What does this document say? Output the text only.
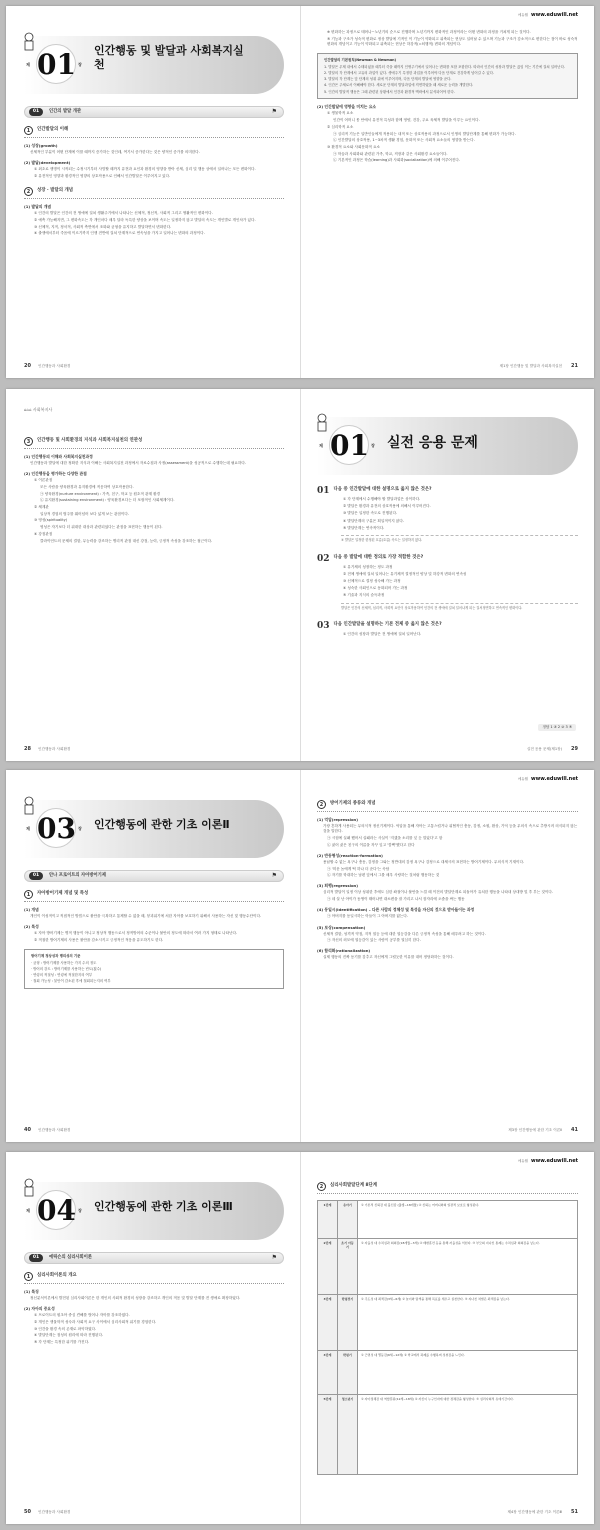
제 01 장
인간행동 및 발달과 사회복지실천
01	인간의 발달 개관	⚑
1	인간발달의 이해
(1) 성장(growth)
신체적인 부분이 어떤 단계에 이를 때까지 증가하는 것인데, 여기서 증가한다는 것은 양적인 증가를 의미한다.
(2) 발달(development)
① 최초로 생명이 시작되는 수정시기부터 사망할 때까지 유전과 요인과 환경의 영향을 받아 신체, 심리 및 행동 상에서 일어나는 모든 변화이다.
② 유전적인 영향과 환경적인 영향의 상호작용으로 인해서 인간발달은 이루어지고 있다.
2	성장 · 발달의 개념
(1) 발달의 개념
① 인간의 발달은 인간의 전 생애에 걸쳐 생활주기에서 나타나는 신체적, 정신적, 사회적 그리고 생활적인 변화이다.
② 예측 가능해지면, 그 변화속도는 각 개인마다 매우 달라 독특한 양상을 보이며 속도는 일정하지 않고 발달의 속도는 개인별로 개인차가 있다.
③ 신체적, 지적, 정서적, 사회적 측면에서 조화와 균형을 유지하고 발달하면서 변화한다.
④ 출생에서부터 죽음에 이르기까지 인생 전반에 걸쳐 단계적으로 연속성을 가지고 일어나는 변화의 과정이다.
20 인간행동과 사회환경
에듀윌 www.eduwill.net
※ 변화하는 과정으로 태어나~노년기의 순으로 진행하며 노년기까지 변화적인 과정이라는 어떤 변화의 과정을 거쳐게 되는 것이다.
⑤ 기능과 구조가 성숙적 변화로 정상 발달에 기적인 이 기능이 약화되고 위축되는 현상도 일어날 수 있으며 기능과 구조가 감소적으로 변한다는 점이 바로 성숙적 변화의 개념이고 기능이 약화되고 위축되는 현상은 하강적(=퇴행적) 변화의 개념이다.
인간발달의 기본원칙(Newman & Newman)
1. 발달은 무제 내에서 수태되었을 때부터 죽을 때까지 인생주기에서 일어나는 변화를 포함 포함한다. 따라서 인간의 성장과 발달은 끊임 이는 기간에 걸쳐 일어난다.
2. 발달의 각 단계에서 고유의 과업이 있다. 생애주기 특정한 과업을 이루어야 다음 단계로 건강하게 넘어갈 수 있다.
3. 발달의 각 단계는 앞 단계의 성취 위에 이루어지며, 다음 단계의 발달에 영향을 준다.
4. 인간은 주체로서 이해해야 한다. 새로운 단계의 발달과업에 직면하였을 때 새로운 능력을 개발한다.
5. 인간의 발달적 행동은 그때 관련된 상황에서 인간과 환경적 맥락에서 분석되어야 한다.
(2) 인간발달에 영향을 미치는 요소
① 생물학적 요소
인간이 어머니 몸 안에서 유전적 특성과 함께 영양, 건강, 주요 육체적 발달을 이루는 요인이다.
② 심리학적 요소
㉠ 심리적 기능은 일반인들에게 적용되는 내적 또는 상호작용의 과정으로서 인생의 발달단계를 통해 변화가 가능하다.
㉡ 인간발달의 상호작용, 1~3차적 생활 경험, 문화적 또는 사회적 요소들의 영향을 받는다.
③ 환경적 요소와 사회문화적 요소
㉠ 학습과 사회화와 관련된 가족, 학교, 직장과 같은 사회환경 요소들이다.
㉡ 기본적인 과정은 학습(learning)과 사회화(socialization)에 의해 이루어진다.
제1장 인간행동 및 발달과 사회복지실천 21
⌂⌂⌂ 사회복지사
3	인간행동 및 사회환경의 지식과 사회복지실천의 연관성
(1) 인간행동의 이해와 사회복지실천과정
인간행동과 발달에 대한 정확한 지식과 이해는 사회복지실천 과정에서 자료수집과 사정(assessment)을 성공적으로 수행하는데 필요하다.
(2) 인간행동을 평가하는 다양한 관점
① 이론관점
모든 사람을 양육환경과 유지환경에 적응하여 상호작용한다.
㉠ 양육환경(nurture environment) : 가족, 친구, 학교 등 원초적 관계 환경
㉡ 유지환경(sustaining environment) : 양육환경보다는 더 포괄적인 사회체계이다.
② 체계관
일상적 경험의 범주를 뛰어넘어 보다 넓게 보는 관점이다.
③ 영성(spirituality)
영성은 자기보다 더 위대한 대상과 관련되었다는 관점을 표현하는 행동이 된다.
④ 강점관점
클라이언트의 문제의 결함, 무능력을 강조하는 병리적 관점 대신 강점, 능력, 긍정적 속성을 강조하는 접근이다.
28 인간행동과 사회환경
제 01 장 실전 응용 문제
01 다음 중 인간발달에 대한 설명으로 옳지 않은 것은?
① 각 단계에서 수행해야 할 발달과업은 상이하다.
② 발달은 환경과 유전의 상호작용에 의해서 이루어진다.
③ 발달은 일정한 속도로 진행된다.
④ 발달단계의 구분은 획일적이지 않다.
⑤ 발달단계는 연속적이다.
③ 발달은 일정한 한정된 흐름(흐름) 속도는 일정하지 않다.
02 다음 중 발달에 대한 정의로 가장 적합한 것은?
① 유기체의 성장하는 정도 과정
② 전체 생애에 걸쳐 일어나는 유기체적 결정적인 양상 및 하강적 변화의 연속성
③ 신체적으로 결정 성숙해 가는 과정
④ 성숙한 사회인으로 동화되어 가는 과정
⑤ 기술과 지식의 습득과정
발달은 인간의 신체적, 심리적, 사회적 요인이 상호작용하여 인간의 전 생애에 걸쳐 일어나게 되는 질서정연하고 연속적인 변화이다.
03 다음 인간발달을 설명하는 기본 전제 중 옳지 않은 것은?
① 인간의 성장과 발달은 전 생애에 걸쳐 일어난다.
정답 1 ③ 2 ② 3 ⑤
실전 응용 문제(제1장) 29
제 03 장 인간행동에 관한 기초 이론Ⅱ
01	안나 프로이트의 자아방어기제	⚑
1	자아방어기제 개념 및 특성
(1) 개념
개인이 이성적이고 직접적인 방법으로 불안을 극복하고 통제할 수 없을 때, 붕괴위기에 처한 자아를 보호하기 위해서 사용하는 자신 및 행동수단이다.
(2) 특성
① 자아 방어기제는 병적 행동이 아니고 정상적 행동으로서 정적방어의 수준이나 불안의 정도에 따라서 여러 가지 형태로 나타난다.
② 적절한 방어기제의 사용은 불안을 감소시키고 긍정적인 적응을 유도하기도 한다.
방어기제 정상성과 병리성의 기준
· 균형 : 방어기제를 사용하는 가지 수의 정도
· 방어의 강도 : 방어기제를 사용하는 빈도(횟수)
· 연령의 적절성 : 연령에 적절한지의 여부
· 철회 가능성 : 불안이 감소된 후에 철회되는지의 여부
40 인간행동과 사회환경
에듀윌 www.eduwill.net
2	방어기제의 종류와 개념
(1) 억압(repression)
가장 흔하게 사용되는 무의식적 정신기제이다. 억압을 통해 자아는 고통스럽거나 위협적인 충동, 감정, 소원, 환상, 기억 등을 무의식 속으로 추방시켜 의식되지 않는 것을 말한다.
㉠ 시험에 실패 했어서 실패라는 사실이 '지겠을 소리를 잊 듯 말았다'고 함
㉡ 싫어 싫은 친구의 이름을 자꾸 잊고 '깜빡'했다고 한다
(2) 반동형성(reaction-formation)
용납할 수 없는 욕구나 충동, 감정을 그와는 정반대의 감정 욕구나 감정으로 대체시켜 표현하는 방어기제이다. 무의식적 기재이다.
㉠ '미운 놈에게 떡 하나 더 준다'는 속담
㉡ 자기를 학대하는 남편 앞에서 그를 매우 사랑하는 것처럼 행동하는 것
(3) 퇴행(regression)
심리적 발달이 일정 이상 성취한 후에도 심한 좌절이나 불안을 느낄 때 이전의 발달단계로 되돌아가 유치한 행동을 나타내 상대방 및 후 부는 것이다.
㉠ 네 살 난 아이가 동생이 태어나면 대소변을 잘 가리고 나서 잠자리에 오줌을 싸는 행동
(4) 동일시(identification) – 다른 사람의 정체성 및 특성을 자신의 것으로 받아들이는 과정
㉠ 아버지를 동일시하는 아들이 그 아버지를 닮는다.
(5) 보상(compensation)
신체적 결함, 성격적 약점, 지적 열등 등에 대한 열등감을 다른 긍정적 속성을 통해 메우려고 하는 것이다.
㉠ 자신의 외모에 열등감이 있는 사람이 공부를 열심히 한다.
(6) 합리화(rationalization)
실제 행동의 진짜 동기를 감추고 자신에게 그럴듯한 이유를 대어 정당화하는 것이다.
제3장 인간행동에 관한 기초 이론Ⅱ 41
제 04 장 인간행동에 관한 기초 이론Ⅲ
01	에릭슨의 심리사회이론	⚑
1	심리사회이론의 개요
(1) 특징
정신분석이론에서 발전된 심리사회이론은 한 개인의 사회적 환경의 성장을 강조하고 개인의 적응 및 발달 단계를 전 생애로 확장하였다.
(2) 자아의 중요성
① 프로이트의 원초아 중심 견해를 벗어나 자아를 강조하였다.
② 개인은 생물학적 성숙과 사회적 요구 사이에서 심리사회적 위기를 경험한다.
③ 인간을 환경 속의 존재로 파악하였다.
④ 발달단계는 점성의 원리에 따라 진행된다.
⑤ 각 단계는 특정한 위기를 가진다.
50 인간행동과 사회환경
에듀윌 www.eduwill.net
2	심리사회발달단계 8단계
1단계	유아기	① 기본적 신뢰감 대 불신감 (출생~18개월) ② 신뢰는 어머니와의 일관적 보호로 형성된다.
2단계	초기 아동기	① 자율성 대 수치심과 회의감(18개월~3세) ② 배변훈련 등을 통해 자율성을 익힌다. ③ 부모의 지나친 통제는 수치심과 회의감을 낳는다.
3단계	학령전기	① 주도성 대 죄책감(3세~6세) ② 놀이와 탐색을 통해 목표를 세우고 실천한다. ③ 지나친 처벌은 죄책감을 낳는다.
4단계	학령기	① 근면성 대 열등감(6세~12세) ② 학교에서 과제를 수행하며 성취감을 느낀다.
5단계	청소년기	① 자아정체감 대 역할혼란(12세~18세) ② 자신이 누구인지에 대한 정체감을 형성한다. ③ 심리사회적 유예기간이다.
제4장 인간행동에 관한 기초 이론Ⅲ 51
